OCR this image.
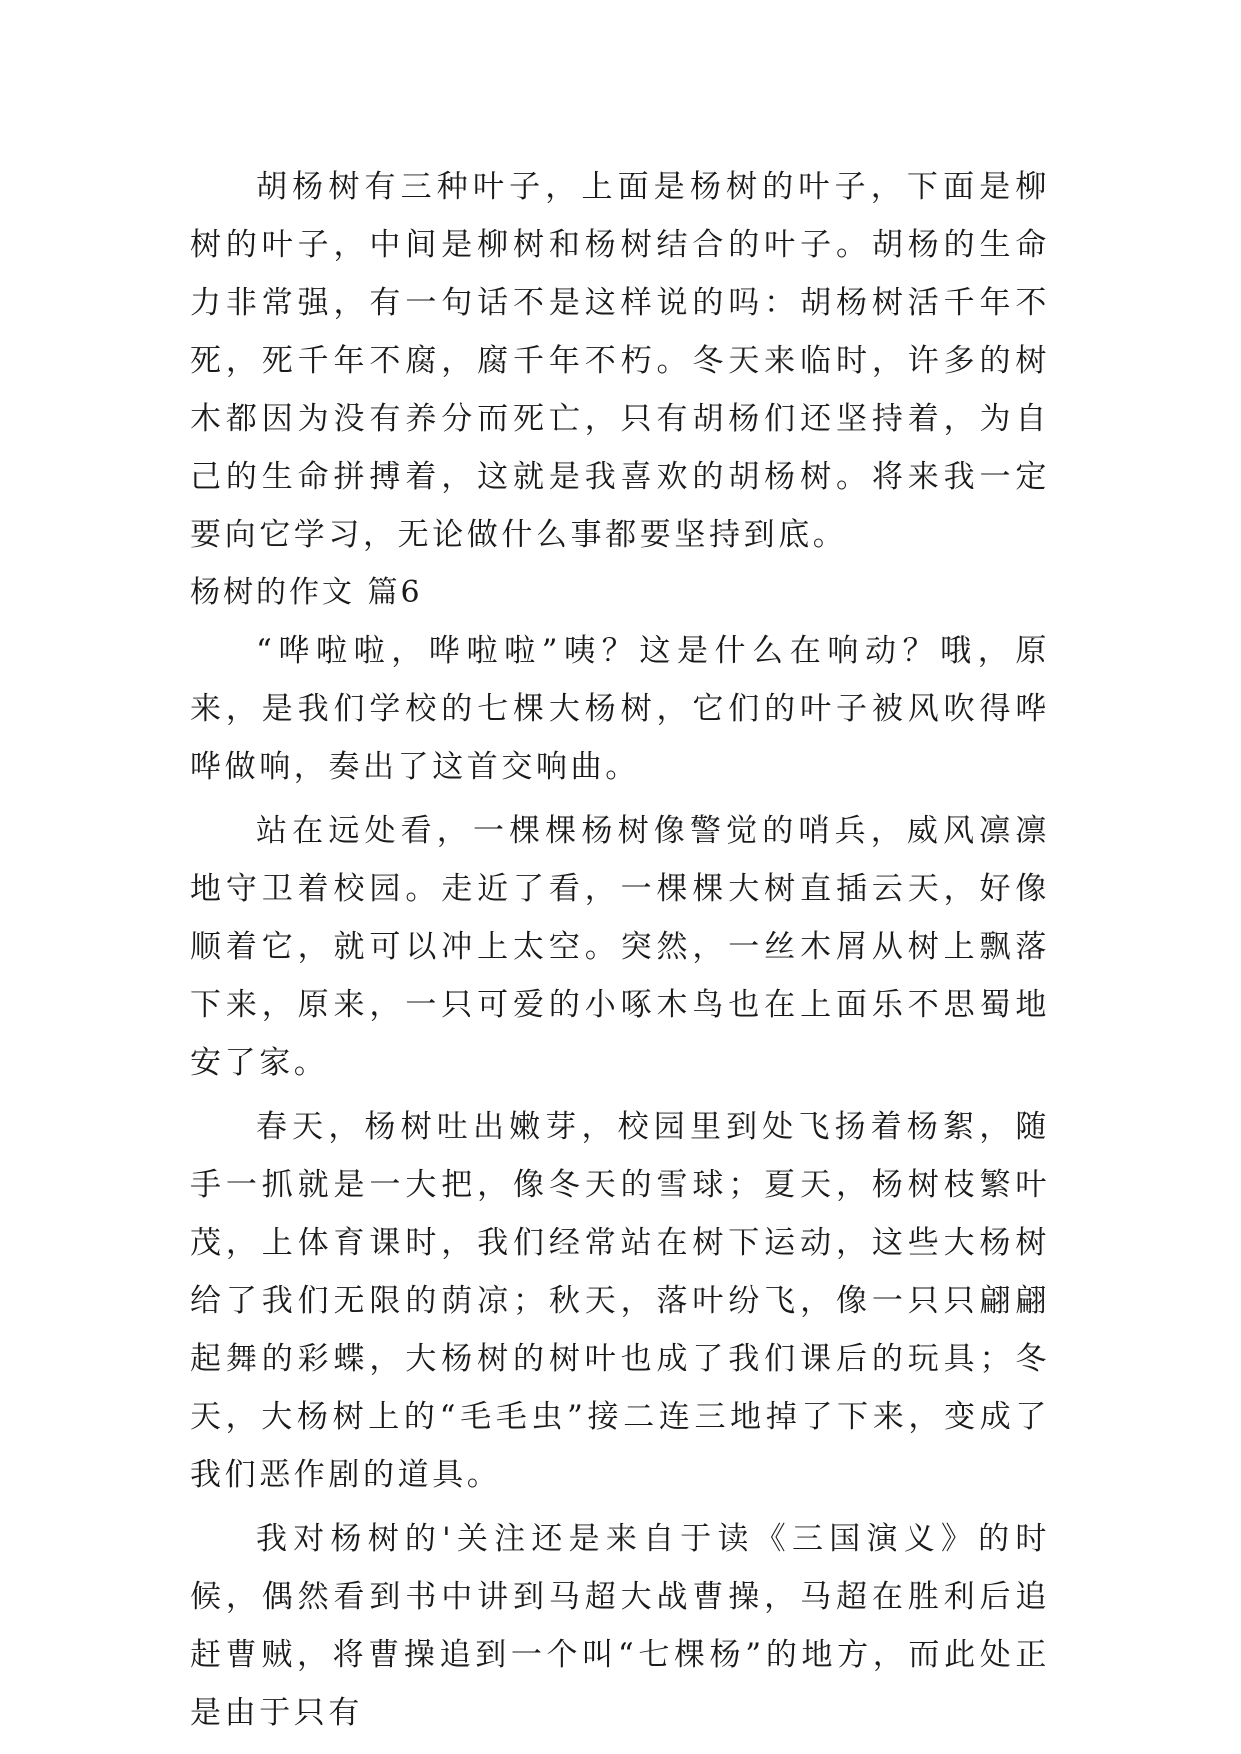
胡杨树有三种叶子，上面是杨树的叶子，下面是柳树的叶子，中间是柳树和杨树结合的叶子。胡杨的生命力非常强，有一句话不是这样说的吗：胡杨树活千年不死，死千年不腐，腐千年不朽。冬天来临时，许多的树木都因为没有养分而死亡，只有胡杨们还坚持着，为自己的生命拼搏着，这就是我喜欢的胡杨树。将来我一定要向它学习，无论做什么事都要坚持到底。

杨树的作文 篇6

“哗啦啦，哗啦啦”咦？这是什么在响动？哦，原来，是我们学校的七棵大杨树，它们的叶子被风吹得哗哗做响，奏出了这首交响曲。

站在远处看，一棵棵杨树像警觉的哨兵，威风凛凛地守卫着校园。走近了看，一棵棵大树直插云天，好像顺着它，就可以冲上太空。突然，一丝木屑从树上飘落下来，原来，一只可爱的小啄木鸟也在上面乐不思蜀地安了家。

春天，杨树吐出嫩芽，校园里到处飞扬着杨絮，随手一抓就是一大把，像冬天的雪球；夏天，杨树枝繁叶茂，上体育课时，我们经常站在树下运动，这些大杨树给了我们无限的荫凉；秋天，落叶纷飞，像一只只翩翩起舞的彩蝶，大杨树的树叶也成了我们课后的玩具；冬天，大杨树上的“毛毛虫”接二连三地掉了下来，变成了我们恶作剧的道具。

我对杨树的'关注还是来自于读《三国演义》的时候，偶然看到书中讲到马超大战曹操，马超在胜利后追赶曹贼，将曹操追到一个叫“七棵杨”的地方，而此处正是由于只有
